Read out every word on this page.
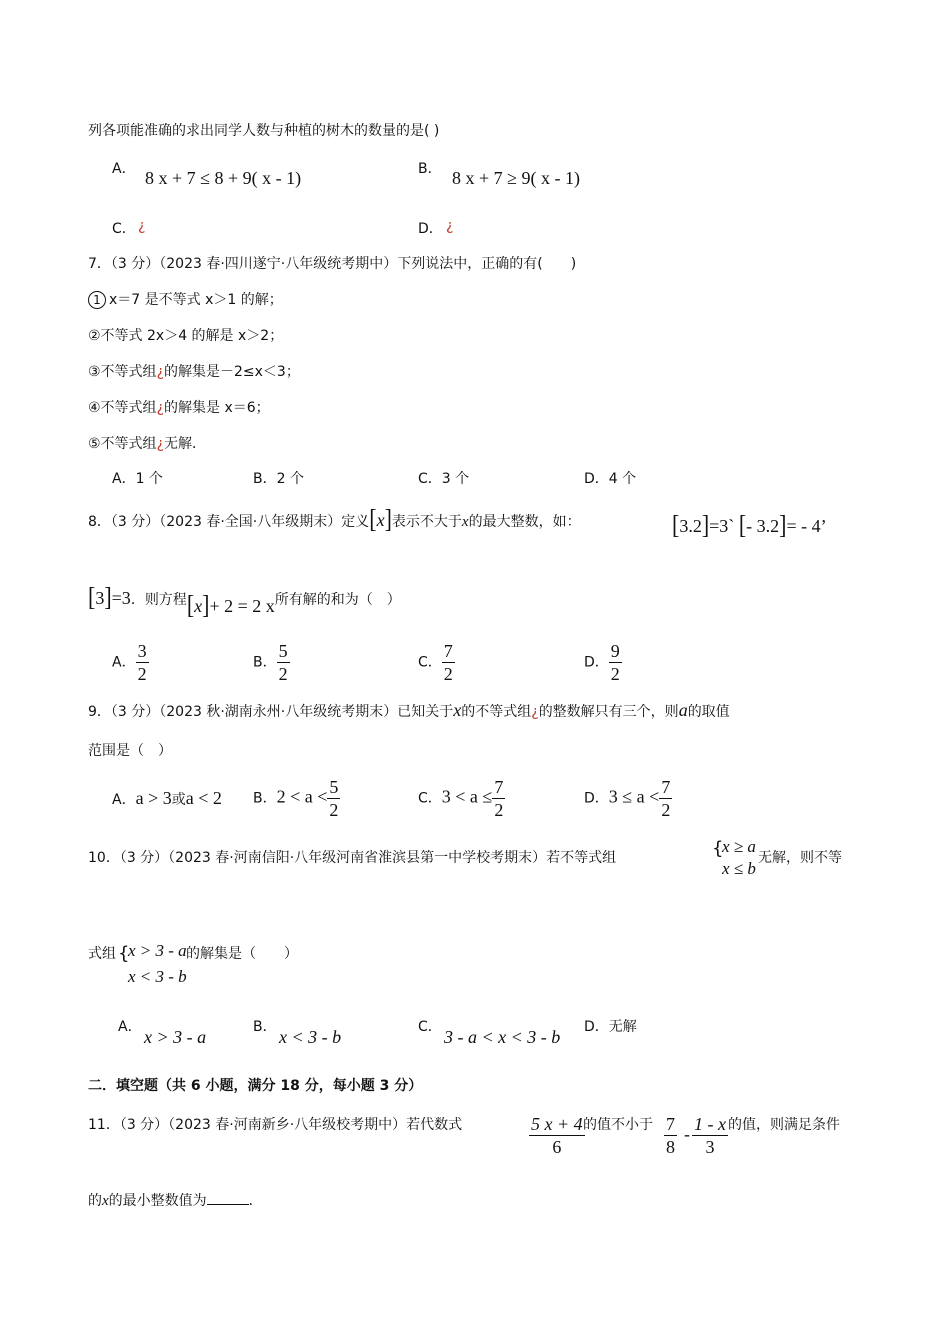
列各项能准确的求出同学人数与种植的树木的数量的是( )
A． 8 x + 7 ≤ 8 + 9( x - 1)	B． 8 x + 7 ≥ 9( x - 1)
C． ¿	D． ¿
7．（3 分）（2023 春·四川遂宁·八年级统考期中）下列说法中，正确的有(　　)
1 x＝7 是不等式 x＞1 的解；
②不等式 2x＞4 的解是 x＞2；
③不等式组¿的解集是－2≤x＜3；
④不等式组¿的解集是 x＝6；
⑤不等式组¿无解．
A．1 个	B．2 个	C．3 个	D．4 个
8．（3 分）（2023 春·全国·八年级期末）定义[x]表示不大于x的最大整数，如：	[3.2]=3` [- 3.2]= - 4’
[3]=3．则方程[x]+ 2 = 2 x所有解的和为（　）
A． $\frac{3}{2}$	B． $\frac{5}{2}$	C． $\frac{7}{2}$	D． $\frac{9}{2}$
9．（3 分）（2023 秋·湖南永州·八年级统考期末）已知关于x的不等式组¿的整数解只有三个，则a的取值
范围是（　）
A．a > 3或a < 2 B．$2 < a < \frac{5}{2}$	C．$3 < a \le \frac{7}{2}$	D．$3 \le a < \frac{7}{2}$
10．（3 分）（2023 春·河南信阳·八年级河南省淮滨县第一中学校考期末）若不等式组	{
x ≥ a
x ≤ b
无解，则不等
式组 {
x > 3 - a
x < 3 - b
的解集是（　　）
A． x > 3 - a	B． x < 3 - b	C． 3 - a < x < 3 - b D．无解
二．填空题（共 6 小题，满分 18 分，每小题 3 分）
11．（3 分）（2023 春·河南新乡·八年级校考期中）若代数式	$\frac{5 x + 4}{6}$
的值不小于 $\frac{7}{8} - \frac{1 - x}{3}$ 的值，则满足条件
的x的最小整数值为	．
